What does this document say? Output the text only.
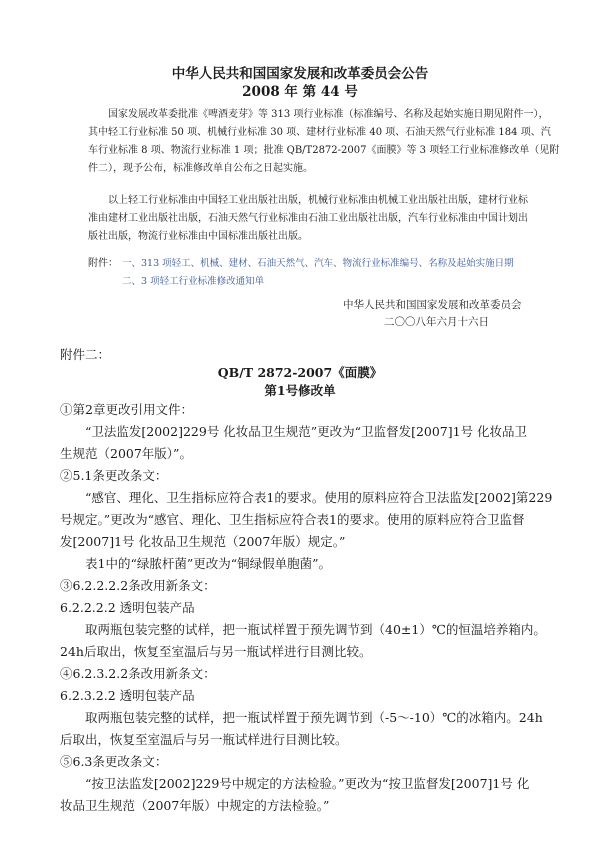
中华人民共和国国家发展和改革委员会公告
2008 年 第 44 号
国家发展改革委批准《啤酒麦芽》等 313 项行业标准（标准编号、名称及起始实施日期见附件一），
其中轻工行业标准 50 项、机械行业标准 30 项、建材行业标准 40 项、石油天然气行业标准 184 项、汽
车行业标准 8 项、物流行业标准 1 项；批准 QB/T2872-2007《面膜》等 3 项轻工行业标准修改单（见附
件二），现予公布，标准修改单自公布之日起实施。
以上轻工行业标准由中国轻工业出版社出版，机械行业标准由机械工业出版社出版，建材行业标
准由建材工业出版社出版，石油天然气行业标准由石油工业出版社出版，汽车行业标准由中国计划出
版社出版，物流行业标准由中国标准出版社出版。
附件： 一、313 项轻工、机械、建材、石油天然气、汽车、物流行业标准编号、名称及起始实施日期
二、3 项轻工行业标准修改通知单
中华人民共和国国家发展和改革委员会
二〇〇八年六月十六日
附件二：
QB/T 2872-2007《面膜》
第1号修改单
①第2章更改引用文件：
“卫法监发[2002]229号 化妆品卫生规范”更改为“卫监督发[2007]1号 化妆品卫
生规范（2007年版）”。
②5.1条更改条文：
“感官、理化、卫生指标应符合表1的要求。使用的原料应符合卫法监发[2002]第229
号规定。”更改为“感官、理化、卫生指标应符合表1的要求。使用的原料应符合卫监督
发[2007]1号 化妆品卫生规范（2007年版）规定。”
表1中的“绿脓杆菌”更改为“铜绿假单胞菌”。
③6.2.2.2.2条改用新条文：
6.2.2.2.2 透明包装产品
取两瓶包装完整的试样，把一瓶试样置于预先调节到（40±1）℃的恒温培养箱内。
24h后取出，恢复至室温后与另一瓶试样进行目测比较。
④6.2.3.2.2条改用新条文：
6.2.3.2.2 透明包装产品
取两瓶包装完整的试样，把一瓶试样置于预先调节到（-5～-10）℃的冰箱内。24h
后取出，恢复至室温后与另一瓶试样进行目测比较。
⑤6.3条更改条文：
“按卫法监发[2002]229号中规定的方法检验。”更改为“按卫监督发[2007]1号 化
妆品卫生规范（2007年版）中规定的方法检验。”
